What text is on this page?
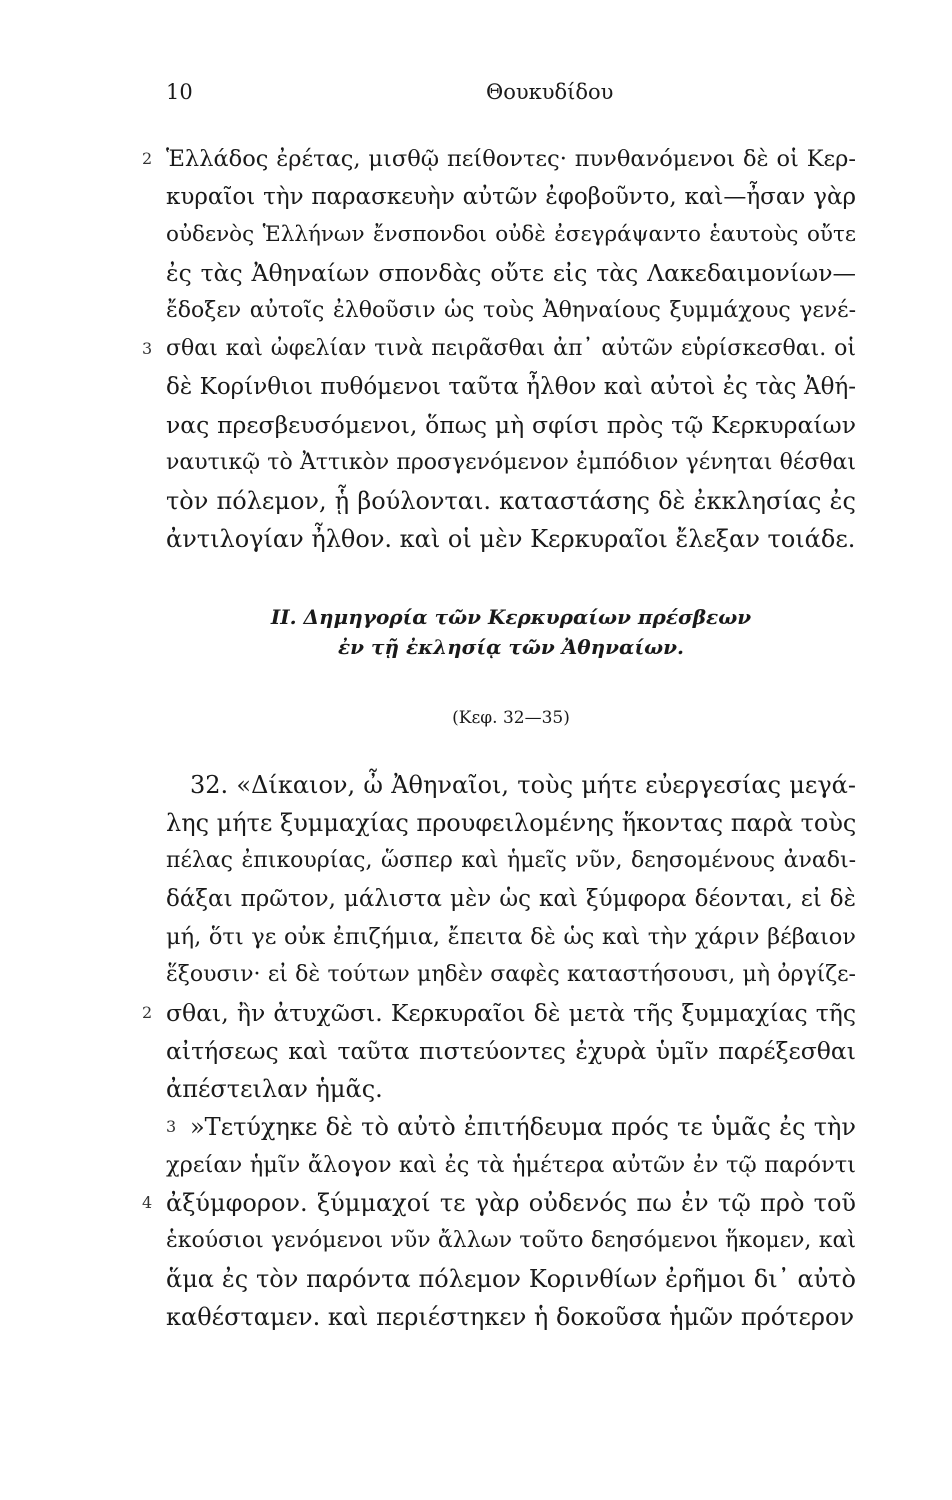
10	Θουκυδίδου
Ἑλλάδος ἐρέτας, μισθῷ πείθοντες· πυνθανόμενοι δὲ οἱ Κερ-
2
κυραῖοι τὴν παρασκευὴν αὐτῶν ἐφοβοῦντο, καὶ—ἦσαν γὰρ
οὐδενὸς Ἑλλήνων ἔνσπονδοι οὐδὲ ἐσεγράψαντο ἑαυτοὺς οὔτε
ἐς τὰς Ἀθηναίων σπονδὰς οὔτε εἰς τὰς Λακεδαιμονίων—
ἔδοξεν αὐτοῖς ἐλθοῦσιν ὡς τοὺς Ἀθηναίους ξυμμάχους γενέ-
σθαι καὶ ὠφελίαν τινὰ πειρᾶσθαι ἀπ᾽ αὐτῶν εὑρίσκεσθαι. οἱ
3
δὲ Κορίνθιοι πυθόμενοι ταῦτα ἦλθον καὶ αὐτοὶ ἐς τὰς Ἀθή-
νας πρεσβευσόμενοι, ὅπως μὴ σφίσι πρὸς τῷ Κερκυραίων
ναυτικῷ τὸ Ἀττικὸν προσγενόμενον ἐμπόδιον γένηται θέσθαι
τὸν πόλεμον, ᾗ βούλονται. καταστάσης δὲ ἐκκλησίας ἐς
ἀντιλογίαν ἦλθον. καὶ οἱ μὲν Κερκυραῖοι ἔλεξαν τοιάδε.
II. Δημηγορία τῶν Κερκυραίων πρέσβεων
ἐν τῇ ἐκλησίᾳ τῶν Ἀθηναίων.
(Κεφ. 32—35)
32. «Δίκαιον, ὦ Ἀθηναῖοι, τοὺς μήτε εὐεργεσίας μεγά-
λης μήτε ξυμμαχίας προυφειλομένης ἥκοντας παρὰ τοὺς
πέλας ἐπικουρίας, ὥσπερ καὶ ἡμεῖς νῦν, δεησομένους ἀναδι-
δάξαι πρῶτον, μάλιστα μὲν ὡς καὶ ξύμφορα δέονται, εἰ δὲ
μή, ὅτι γε οὐκ ἐπιζήμια, ἔπειτα δὲ ὡς καὶ τὴν χάριν βέβαιον
ἕξουσιν· εἰ δὲ τούτων μηδὲν σαφὲς καταστήσουσι, μὴ ὀργίζε-
σθαι, ἢν ἀτυχῶσι. Κερκυραῖοι δὲ μετὰ τῆς ξυμμαχίας τῆς
2
αἰτήσεως καὶ ταῦτα πιστεύοντες ἐχυρὰ ὑμῖν παρέξεσθαι
ἀπέστειλαν ἡμᾶς.
»Τετύχηκε δὲ τὸ αὐτὸ ἐπιτήδευμα πρός τε ὑμᾶς ἐς τὴν
3
χρείαν ἡμῖν ἄλογον καὶ ἐς τὰ ἡμέτερα αὐτῶν ἐν τῷ παρόντι
ἀξύμφορον. ξύμμαχοί τε γὰρ οὐδενός πω ἐν τῷ πρὸ τοῦ
4
ἑκούσιοι γενόμενοι νῦν ἄλλων τοῦτο δεησόμενοι ἥκομεν, καὶ
ἅμα ἐς τὸν παρόντα πόλεμον Κορινθίων ἐρῆμοι δι᾽ αὐτὸ
καθέσταμεν. καὶ περιέστηκεν ἡ δοκοῦσα ἡμῶν πρότερον
